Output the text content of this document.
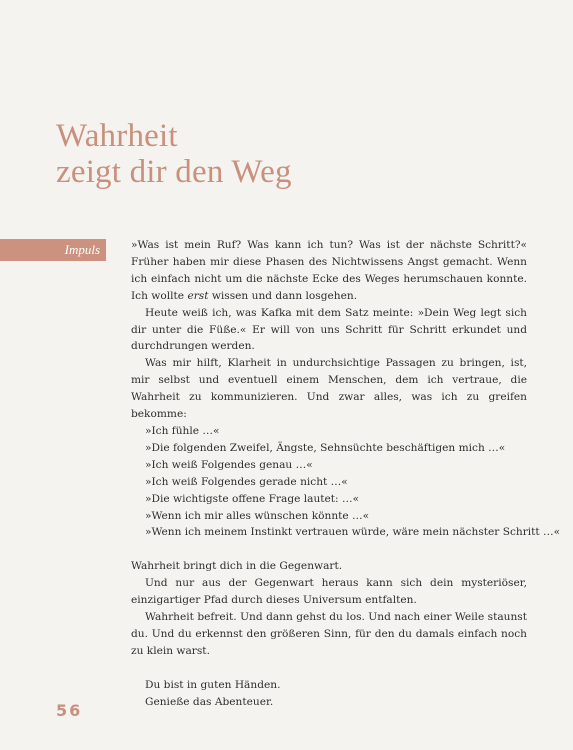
Wahrheit
zeigt dir den Weg
Impuls	»Was ist mein Ruf? Was kann ich tun? Was ist der nächste Schritt?« Früher haben mir diese Phasen des Nichtwissens Angst gemacht. Wenn ich einfach nicht um die nächste Ecke des Weges herumschauen konnte. Ich wollte erst wissen und dann losgehen.

Heute weiß ich, was Kafka mit dem Satz meinte: »Dein Weg legt sich dir unter die Füße.« Er will von uns Schritt für Schritt erkundet und durchdrungen werden.

Was mir hilft, Klarheit in undurchsichtige Passagen zu bringen, ist, mir selbst und eventuell einem Menschen, dem ich vertraue, die Wahrheit zu kommunizieren. Und zwar alles, was ich zu greifen bekomme:

»Ich fühle …«

»Die folgenden Zweifel, Ängste, Sehnsüchte beschäftigen mich …«

»Ich weiß Folgendes genau …«

»Ich weiß Folgendes gerade nicht …«

»Die wichtigste offene Frage lautet: …«

»Wenn ich mir alles wünschen könnte …«

»Wenn ich meinem Instinkt vertrauen würde, wäre mein nächster Schritt …«

Wahrheit bringt dich in die Gegenwart.

Und nur aus der Gegenwart heraus kann sich dein mysteriöser, einzigartiger Pfad durch dieses Universum entfalten.

Wahrheit befreit. Und dann gehst du los. Und nach einer Weile staunst du. Und du erkennst den größeren Sinn, für den du damals einfach noch zu klein warst.

Du bist in guten Händen.

Genieße das Abenteuer.

56
